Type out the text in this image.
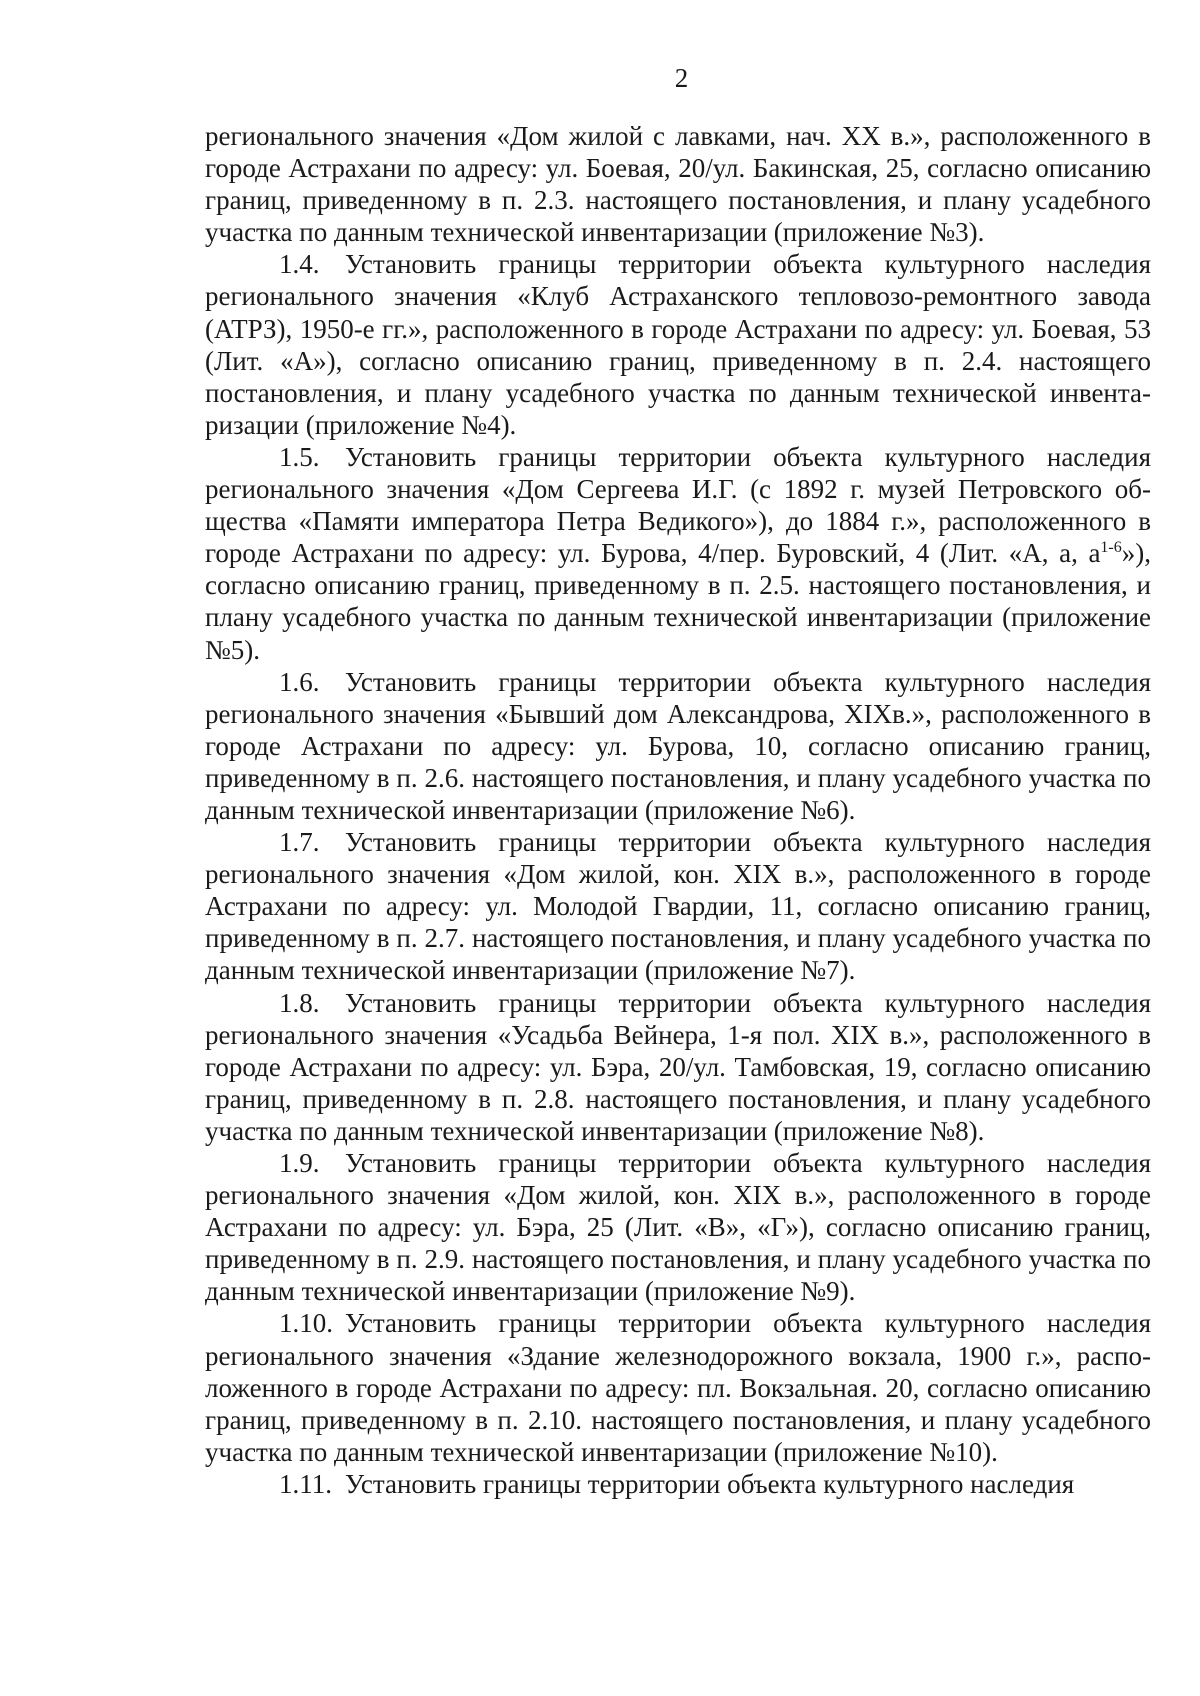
2

регионального значения «Дом жилой с лавками, нач. XX в.», расположенного в городе Астрахани по адресу: ул. Боевая, 20/ул. Бакинская, 25, согласно описанию границ, приведенному в п. 2.3. настоящего постановления, и плану усадебного участка по данным технической инвентаризации (приложение №3).

1.4. Установить границы территории объекта культурного наследия регионального значения «Клуб Астраханского тепловозо-ремонтного завода (АТРЗ), 1950-е гг.», расположенного в городе Астрахани по адресу: ул. Боевая, 53 (Лит. «А»), согласно описанию границ, приведенному в п. 2.4. настоящего постановления, и плану усадебного участка по данным технической инвентаризации (приложение №4).

1.5. Установить границы территории объекта культурного наследия регионального значения «Дом Сергеева И.Г. (с 1892 г. музей Петровского общества «Памяти императора Петра Ведикого»), до 1884 г.», расположенного в городе Астрахани по адресу: ул. Бурова, 4/пер. Буровский, 4 (Лит. «А, а, $а^{1-6}$»), согласно описанию границ, приведенному в п. 2.5. настоящего постановления, и плану усадебного участка по данным технической инвентаризации (приложение №5).

1.6. Установить границы территории объекта культурного наследия регионального значения «Бывший дом Александрова, XIXв.», расположенного в городе Астрахани по адресу: ул. Бурова, 10, согласно описанию границ, приведенному в п. 2.6. настоящего постановления, и плану усадебного участка по данным технической инвентаризации (приложение №6).

1.7. Установить границы территории объекта культурного наследия регионального значения «Дом жилой, кон. XIX в.», расположенного в городе Астрахани по адресу: ул. Молодой Гвардии, 11, согласно описанию границ, приведенному в п. 2.7. настоящего постановления, и плану усадебного участка по данным технической инвентаризации (приложение №7).

1.8. Установить границы территории объекта культурного наследия регионального значения «Усадьба Вейнера, 1-я пол. XIX в.», расположенного в городе Астрахани по адресу: ул. Бэра, 20/ул. Тамбовская, 19, согласно описанию границ, приведенному в п. 2.8. настоящего постановления, и плану усадебного участка по данным технической инвентаризации (приложение №8).

1.9. Установить границы территории объекта культурного наследия регионального значения «Дом жилой, кон. XIX в.», расположенного в городе Астрахани по адресу: ул. Бэра, 25 (Лит. «В», «Г»), согласно описанию границ, приведенному в п. 2.9. настоящего постановления, и плану усадебного участка по данным технической инвентаризации (приложение №9).

1.10. Установить границы территории объекта культурного наследия регионального значения «Здание железнодорожного вокзала, 1900 г.», расположенного в городе Астрахани по адресу: пл. Вокзальная. 20, согласно описанию границ, приведенному в п. 2.10. настоящего постановления, и плану усадебного участка по данным технической инвентаризации (приложение №10).

1.11. Установить границы территории объекта культурного наследия
